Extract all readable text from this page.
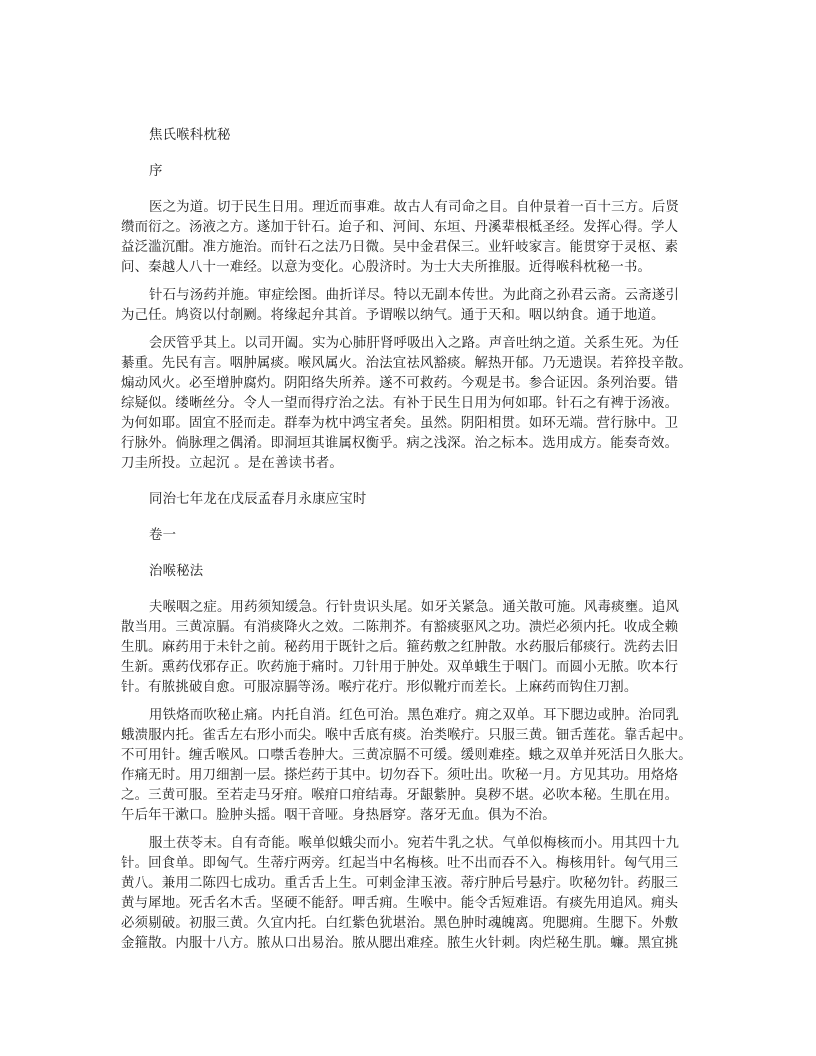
焦氏喉科枕秘
序
医之为道。切于民生日用。理近而事难。故古人有司命之目。自仲景着一百十三方。后贤
缵而衍之。汤液之方。遂加于针石。迨子和、河间、东垣、丹溪辈根柢圣经。发挥心得。学人
益泛滥沉酣。准方施治。而针石之法乃日微。吴中金君保三。业轩岐家言。能贯穿于灵枢、素
问、秦越人八十一难经。以意为变化。心殷济时。为士大夫所推服。近得喉科枕秘一书。
针石与汤药并施。审症绘图。曲折详尽。特以无副本传世。为此商之孙君云斋。云斋遂引
为己任。鸠资以付剞劂。将缘起弁其首。予谓喉以纳气。通于天和。咽以纳食。通于地道。
会厌管乎其上。以司开阖。实为心肺肝肾呼吸出入之路。声音吐纳之道。关系生死。为任
綦重。先民有言。咽肿属痰。喉风属火。治法宜祛风豁痰。解热开郁。乃无遗误。若猝投辛散。
煽动风火。必至增肿腐灼。阴阳络失所养。遂不可救药。今观是书。参合证因。条列治要。错
综疑似。缕晰丝分。令人一望而得疗治之法。有补于民生日用为何如耶。针石之有裨于汤液。
为何如耶。固宜不胫而走。群奉为枕中鸿宝者矣。虽然。阴阳相贯。如环无端。营行脉中。卫
行脉外。倘脉理之偶淆。即洞垣其谁属权衡乎。病之浅深。治之标本。选用成方。能奏奇效。
刀圭所投。立起沉 。是在善读书者。
同治七年龙在戊辰孟春月永康应宝时
卷一
治喉秘法
夫喉咽之症。用药须知缓急。行针贵识头尾。如牙关紧急。通关散可施。风毒痰壅。追风
散当用。三黄凉膈。有消痰降火之效。二陈荆芥。有豁痰驱风之功。溃烂必须内托。收成全赖
生肌。麻药用于未针之前。秘药用于既针之后。箍药敷之红肿散。水药服后郁痰行。洗药去旧
生新。熏药伐邪存正。吹药施于痛时。刀针用于肿处。双单蛾生于咽门。而圆小无脓。吹本行
针。有脓挑破自愈。可服凉膈等汤。喉疔花疔。形似靴疔而差长。上麻药而钩住刀割。
用铁烙而吹秘止痛。内托自消。红色可治。黑色难疗。痈之双单。耳下腮边或肿。治同乳
蛾溃服内托。雀舌左右形小而尖。喉中舌底有痰。治类喉疔。只服三黄。钿舌莲花。靠舌起中。
不可用针。缠舌喉风。口噤舌卷肿大。三黄凉膈不可缓。缓则难痊。蛾之双单并死活日久胀大。
作痛无时。用刀细割一层。搽烂药于其中。切勿吞下。须吐出。吹秘一月。方见其功。用烙烙
之。三黄可服。至若走马牙疳。喉疳口疳结毒。牙龈紫肿。臭秽不堪。必吹本秘。生肌在用。
午后年干漱口。脸肿头摇。咽干音哑。身热唇穿。落牙无血。俱为不治。
服土茯苓末。自有奇能。喉单似蛾尖而小。宛若牛乳之状。气单似梅核而小。用其四十九
针。回食单。即匈气。生蒂疔两旁。红起当中名梅核。吐不出而吞不入。梅核用针。匈气用三
黄八。兼用二陈四七成功。重舌舌上生。可剌金津玉液。蒂疔肿后号悬疔。吹秘勿针。药服三
黄与犀地。死舌名木舌。坚硬不能舒。呷舌痈。生喉中。能令舌短难语。有痰先用追风。痈头
必须剔破。初服三黄。久宜内托。白红紫色犹堪治。黑色肿时魂魄离。兜腮痈。生腮下。外敷
金箍散。内服十八方。脓从口出易治。脓从腮出难痊。脓生火针刺。肉烂秘生肌。蠊。黑宜挑
